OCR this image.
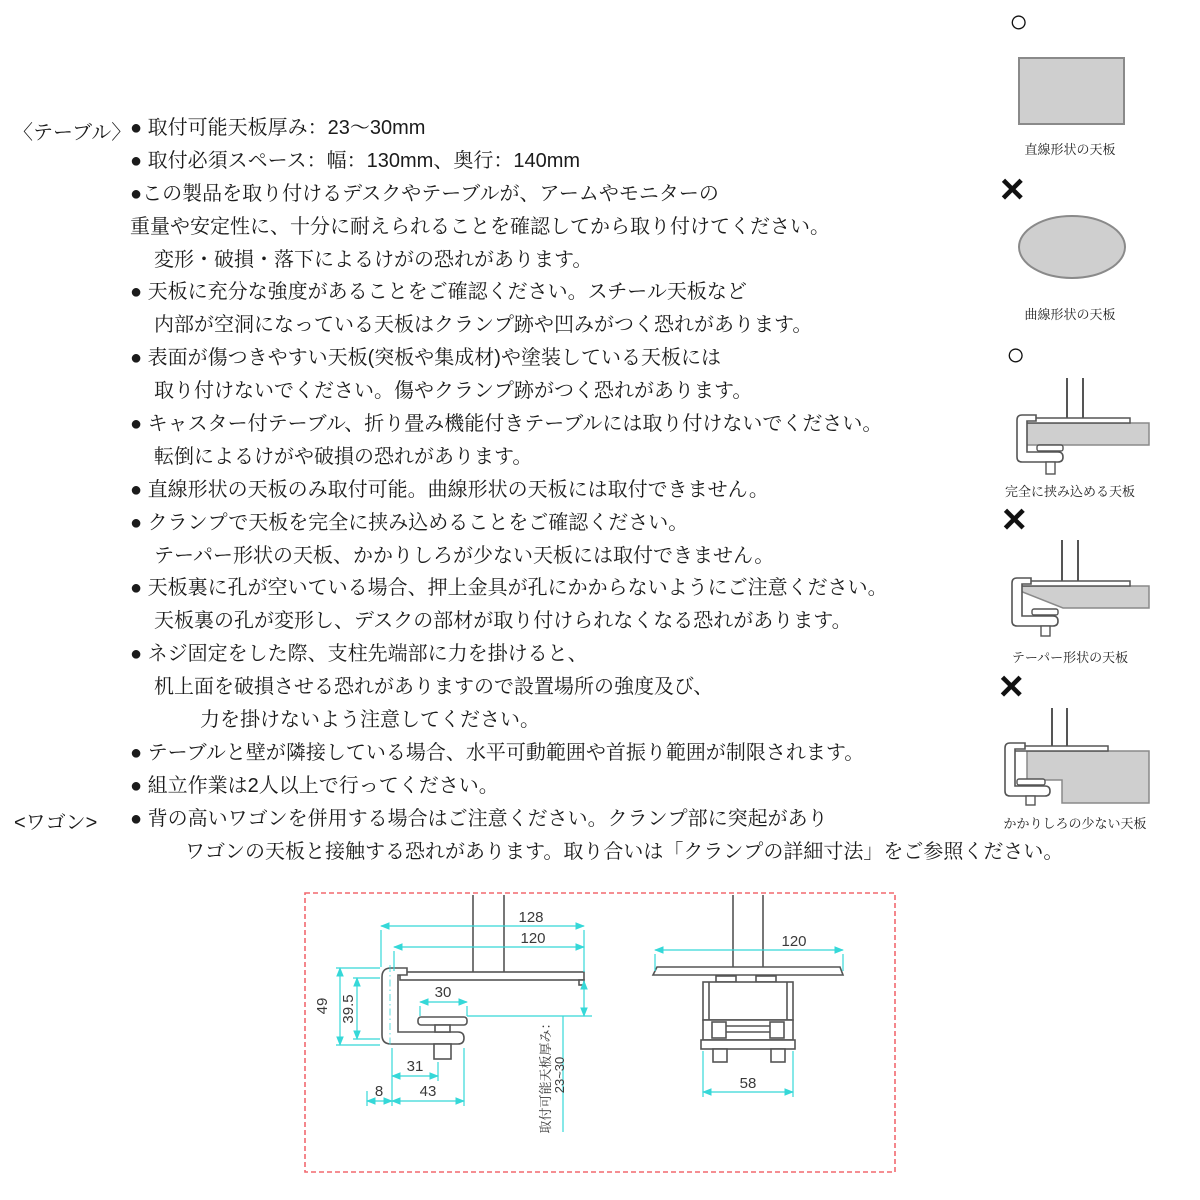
〈テーブル〉
<ワゴン>
● 取付可能天板厚み：23～30mm
● 取付必須スペース：幅：130mm、奥行：140mm
●この製品を取り付けるデスクやテーブルが、アームやモニターの
重量や安定性に、十分に耐えられることを確認してから取り付けてください。
変形・破損・落下によるけがの恐れがあります。
● 天板に充分な強度があることをご確認ください。スチール天板など
内部が空洞になっている天板はクランプ跡や凹みがつく恐れがあります。
● 表面が傷つきやすい天板(突板や集成材)や塗装している天板には
取り付けないでください。傷やクランプ跡がつく恐れがあります。
● キャスター付テーブル、折り畳み機能付きテーブルには取り付けないでください。
転倒によるけがや破損の恐れがあります。
● 直線形状の天板のみ取付可能。曲線形状の天板には取付できません。
● クランプで天板を完全に挟み込めることをご確認ください。
テーパー形状の天板、かかりしろが少ない天板には取付できません。
● 天板裏に孔が空いている場合、押上金具が孔にかからないようにご注意ください。
天板裏の孔が変形し、デスクの部材が取り付けられなくなる恐れがあります。
● ネジ固定をした際、支柱先端部に力を掛けると、
机上面を破損させる恐れがありますので設置場所の強度及び、
力を掛けないよう注意してください。
● テーブルと壁が隣接している場合、水平可動範囲や首振り範囲が制限されます。
● 組立作業は2人以上で行ってください。
● 背の高いワゴンを併用する場合はご注意ください。クランプ部に突起があり
ワゴンの天板と接触する恐れがあります。取り合いは「クランプの詳細寸法」をご参照ください。
○
直線形状の天板
×
曲線形状の天板
○
完全に挟み込める天板
×
テーパー形状の天板
×
かかりしろの少ない天板
128
120
49 39.5
30
31
43
8	取付可能天板厚み： 23~30
120
58
